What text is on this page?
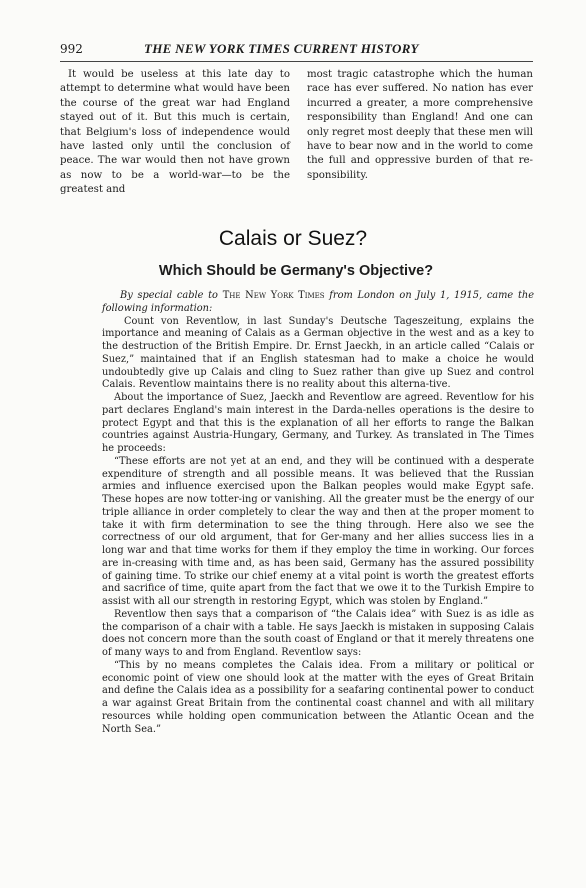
992	THE NEW YORK TIMES CURRENT HISTORY

It would be useless at this late day to attempt to determine what would have been the course of the great war had England stayed out of it. But this much is certain, that Belgium's loss of independence would have lasted only until the conclusion of peace. The war would then not have grown as now to be a world-war—to be the greatest and

most tragic catastrophe which the human race has ever suffered. No nation has ever incurred a greater, a more comprehensive responsibility than England! And one can only regret most deeply that these men will have to bear now and in the world to come the full and oppressive burden of that re-sponsibility.

Calais or Suez?
Which Should be Germany's Objective?

By special cable to The New York Times from London on July 1, 1915, came the following information:

Count von Reventlow, in last Sunday's Deutsche Tageszeitung, explains the importance and meaning of Calais as a German objective in the west and as a key to the destruction of the British Empire. Dr. Ernst Jaeckh, in an article called “Calais or Suez,” maintained that if an English statesman had to make a choice he would undoubtedly give up Calais and cling to Suez rather than give up Suez and control Calais. Reventlow maintains there is no reality about this alterna-tive.

About the importance of Suez, Jaeckh and Reventlow are agreed. Reventlow for his part declares England's main interest in the Darda-nelles operations is the desire to protect Egypt and that this is the explanation of all her efforts to range the Balkan countries against Austria-Hungary, Germany, and Turkey. As translated in The Times he proceeds:

“These efforts are not yet at an end, and they will be continued with a desperate expenditure of strength and all possible means. It was believed that the Russian armies and influence exercised upon the Balkan peoples would make Egypt safe. These hopes are now totter-ing or vanishing. All the greater must be the energy of our triple alliance in order completely to clear the way and then at the proper moment to take it with firm determination to see the thing through. Here also we see the correctness of our old argument, that for Ger-many and her allies success lies in a long war and that time works for them if they employ the time in working. Our forces are in-creasing with time and, as has been said, Germany has the assured possibility of gaining time. To strike our chief enemy at a vital point is worth the greatest efforts and sacrifice of time, quite apart from the fact that we owe it to the Turkish Empire to assist with all our strength in restoring Egypt, which was stolen by England.”

Reventlow then says that a comparison of “the Calais idea” with Suez is as idle as the comparison of a chair with a table. He says Jaeckh is mistaken in supposing Calais does not concern more than the south coast of England or that it merely threatens one of many ways to and from England. Reventlow says:

“This by no means completes the Calais idea. From a military or political or economic point of view one should look at the matter with the eyes of Great Britain and define the Calais idea as a possibility for a seafaring continental power to conduct a war against Great Britain from the continental coast channel and with all military resources while holding open communication between the Atlantic Ocean and the North Sea.”
